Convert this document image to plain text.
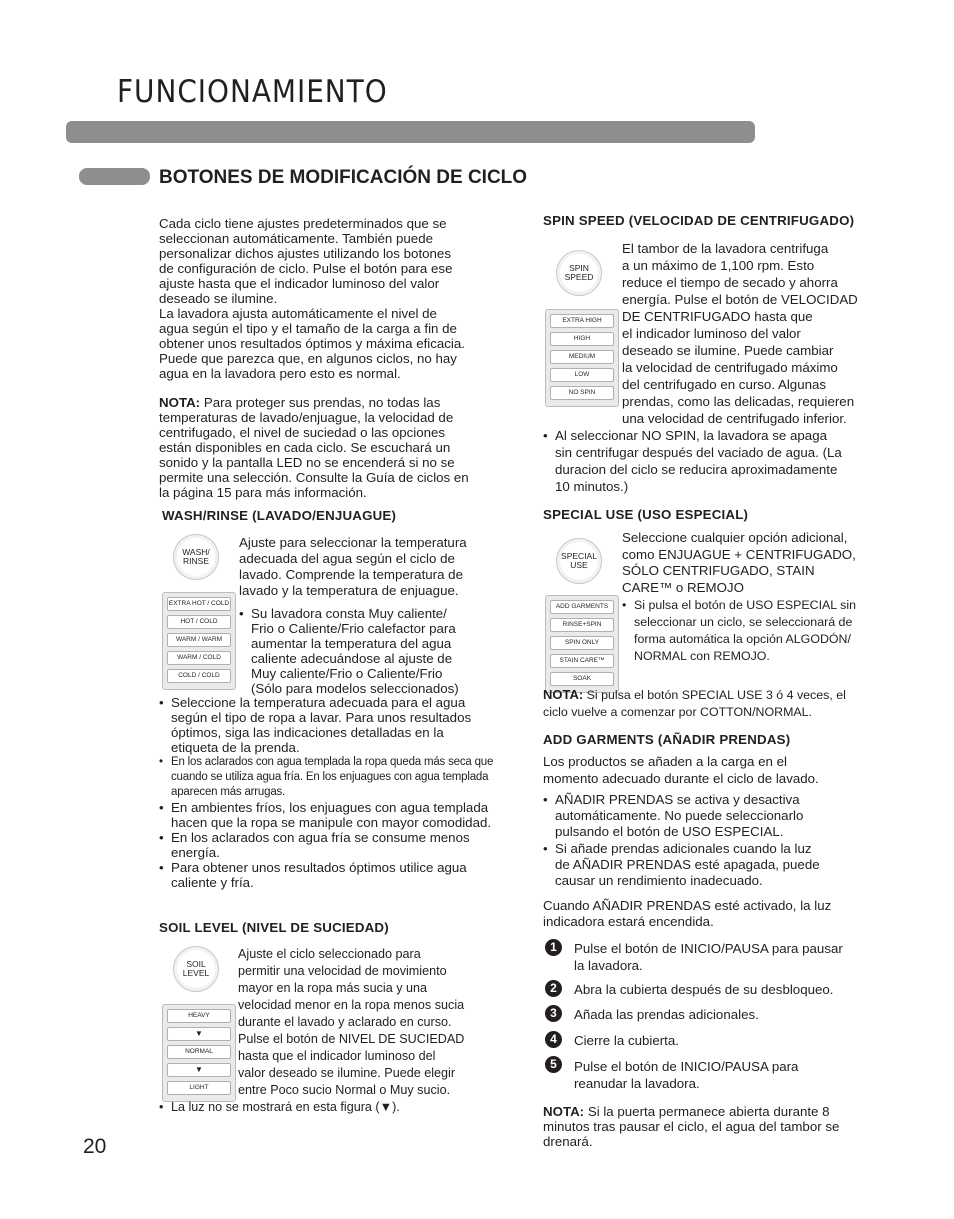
FUNCIONAMIENTO
BOTONES DE MODIFICACIÓN DE CICLO
Cada ciclo tiene ajustes predeterminados que se
seleccionan automáticamente. También puede
personalizar dichos ajustes utilizando los botones
de configuración de ciclo. Pulse el botón para ese
ajuste hasta que el indicador luminoso del valor
deseado se ilumine.
La lavadora ajusta automáticamente el nivel de
agua según el tipo y el tamaño de la carga a fin de
obtener unos resultados óptimos y máxima eficacia.
Puede que parezca que, en algunos ciclos, no hay
agua en la lavadora pero esto es normal.
NOTA: Para proteger sus prendas, no todas las
temperaturas de lavado/enjuague, la velocidad de
centrifugado, el nivel de suciedad o las opciones
están disponibles en cada ciclo. Se escuchará un
sonido y la pantalla LED no se encenderá si no se
permite una selección. Consulte la Guía de ciclos en
la página 15 para más información.
WASH/RINSE (LAVADO/ENJUAGUE)
WASH/
RINSE
EXTRA HOT / COLD
HOT / COLD
WARM / WARM
WARM / COLD
COLD / COLD
Ajuste para seleccionar la temperatura
adecuada del agua según el ciclo de
lavado. Comprende la temperatura de
lavado y la temperatura de enjuague.
• Su lavadora consta Muy caliente/
Frio o Caliente/Frio calefactor para
aumentar la temperatura del agua
caliente adecuándose al ajuste de
Muy caliente/Frio o Caliente/Frio
(Sólo para modelos seleccionados)
• Seleccione la temperatura adecuada para el agua según el tipo de ropa a lavar. Para unos resultados óptimos, siga las indicaciones detalladas en la etiqueta de la prenda.
• En los aclarados con agua templada la ropa queda más seca que cuando se utiliza agua fría. En los enjuagues con agua templada aparecen más arrugas.
• En ambientes fríos, los enjuagues con agua templada hacen que la ropa se manipule con mayor comodidad.
• En los aclarados con agua fría se consume menos energía.
• Para obtener unos resultados óptimos utilice agua caliente y fría.
SOIL LEVEL (NIVEL DE SUCIEDAD)
SOIL
LEVEL
HEAVY
▼
NORMAL
▼
LIGHT
Ajuste el ciclo seleccionado para
permitir una velocidad de movimiento
mayor en la ropa más sucia y una
velocidad menor en la ropa menos sucia
durante el lavado y aclarado en curso.
Pulse el botón de NIVEL DE SUCIEDAD
hasta que el indicador luminoso del
valor deseado se ilumine. Puede elegir
entre Poco sucio Normal o Muy sucio.
• La luz no se mostrará en esta figura (▼).
20
SPIN SPEED (VELOCIDAD DE CENTRIFUGADO)
SPIN
SPEED
EXTRA HIGH
HIGH
MEDIUM
LOW
NO SPIN
El tambor de la lavadora centrifuga
a un máximo de 1,100 rpm. Esto
reduce el tiempo de secado y ahorra
energía. Pulse el botón de VELOCIDAD
DE CENTRIFUGADO hasta que
el indicador luminoso del valor
deseado se ilumine. Puede cambiar
la velocidad de centrifugado máximo
del centrifugado en curso. Algunas
prendas, como las delicadas, requieren
una velocidad de centrifugado inferior.
• Al seleccionar NO SPIN, la lavadora se apaga
sin centrifugar después del vaciado de agua. (La
duracion del ciclo se reducira aproximadamente
10 minutos.)
SPECIAL USE (USO ESPECIAL)
SPECIAL
USE
ADD GARMENTS
RINSE+SPIN
SPIN ONLY
STAIN CARE™
SOAK
Seleccione cualquier opción adicional,
como ENJUAGUE + CENTRIFUGADO,
SÓLO CENTRIFUGADO, STAIN
CARE™ o REMOJO
• Si pulsa el botón de USO ESPECIAL sin
seleccionar un ciclo, se seleccionará de
forma automática la opción ALGODÓN/
NORMAL con REMOJO.
NOTA: Si pulsa el botón SPECIAL USE 3 ó 4 veces, el
ciclo vuelve a comenzar por COTTON/NORMAL.
ADD GARMENTS (AÑADIR PRENDAS)
Los productos se añaden a la carga en el
momento adecuado durante el ciclo de lavado.
• AÑADIR PRENDAS se activa y desactiva
automáticamente. No puede seleccionarlo
pulsando el botón de USO ESPECIAL.
• Si añade prendas adicionales cuando la luz
de AÑADIR PRENDAS esté apagada, puede
causar un rendimiento inadecuado.
Cuando AÑADIR PRENDAS esté activado, la luz
indicadora estará encendida.
1	Pulse el botón de INICIO/PAUSA para pausar
la lavadora.
2	Abra la cubierta después de su desbloqueo.
3	Añada las prendas adicionales.
4	Cierre la cubierta.
5	Pulse el botón de INICIO/PAUSA para
reanudar la lavadora.
NOTA: Si la puerta permanece abierta durante 8
minutos tras pausar el ciclo, el agua del tambor se
drenará.
